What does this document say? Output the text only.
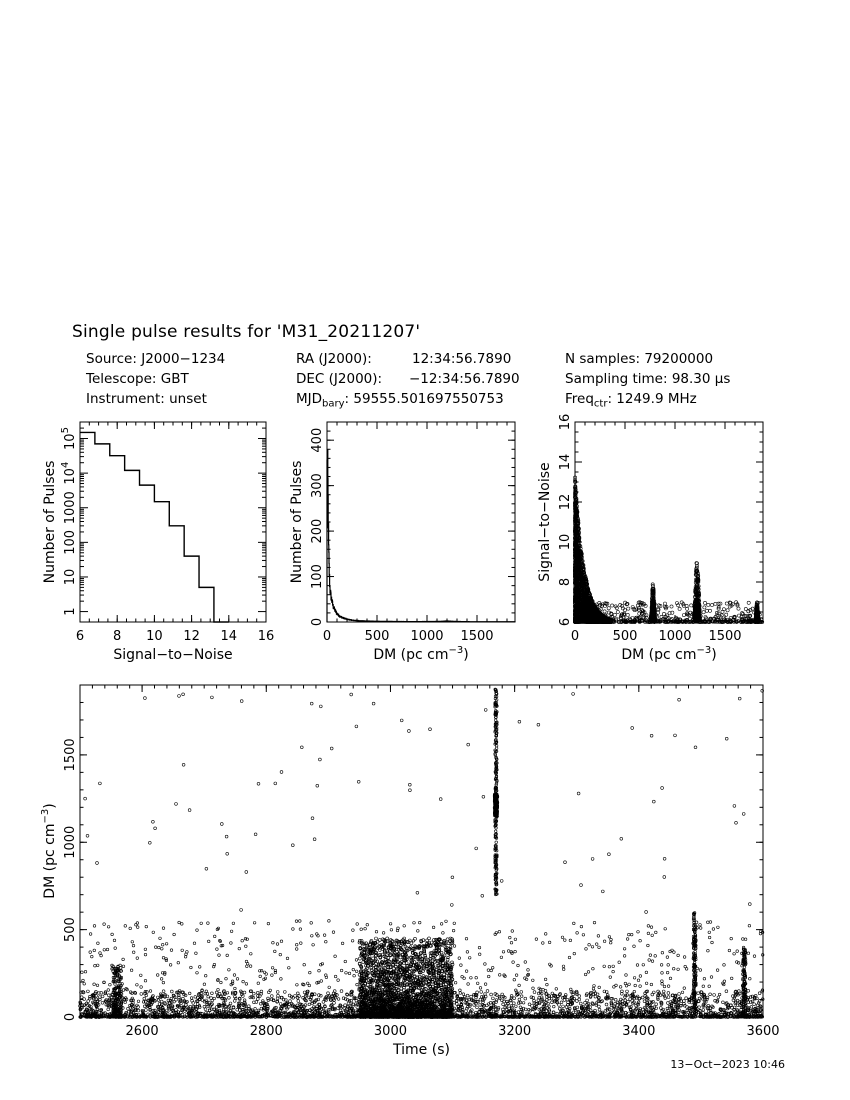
Single pulse results for 'M31_20211207'
Source: J2000−1234
Telescope: GBT
Instrument: unset
RA (J2000):	12:34:56.7890
DEC (J2000): −12:34:56.7890
$MJD_{bary}$: 59555.501697550753
N samples: 79200000
Sampling time: 98.30 μs
Freq$_{ctr}$: 1249.9 MHz
6 8 10 12 14 16
1
10
100
1000
$10^4$
$10^5$
Signal−to−Noise
Number of Pulses
0	500 1000 1500
0
100
200
300
400
DM (pc $cm^{-3}$)
Number of Pulses
0	500 1000 1500
6
8
10
12
14
16
DM (pc $cm^{-3}$)
Signal−to−Noise
2600	2800	3000	3200	3400	3600
0
500
1000
1500
Time (s)
DM (pc $cm^{-3}$)
13−Oct−2023 10:46
